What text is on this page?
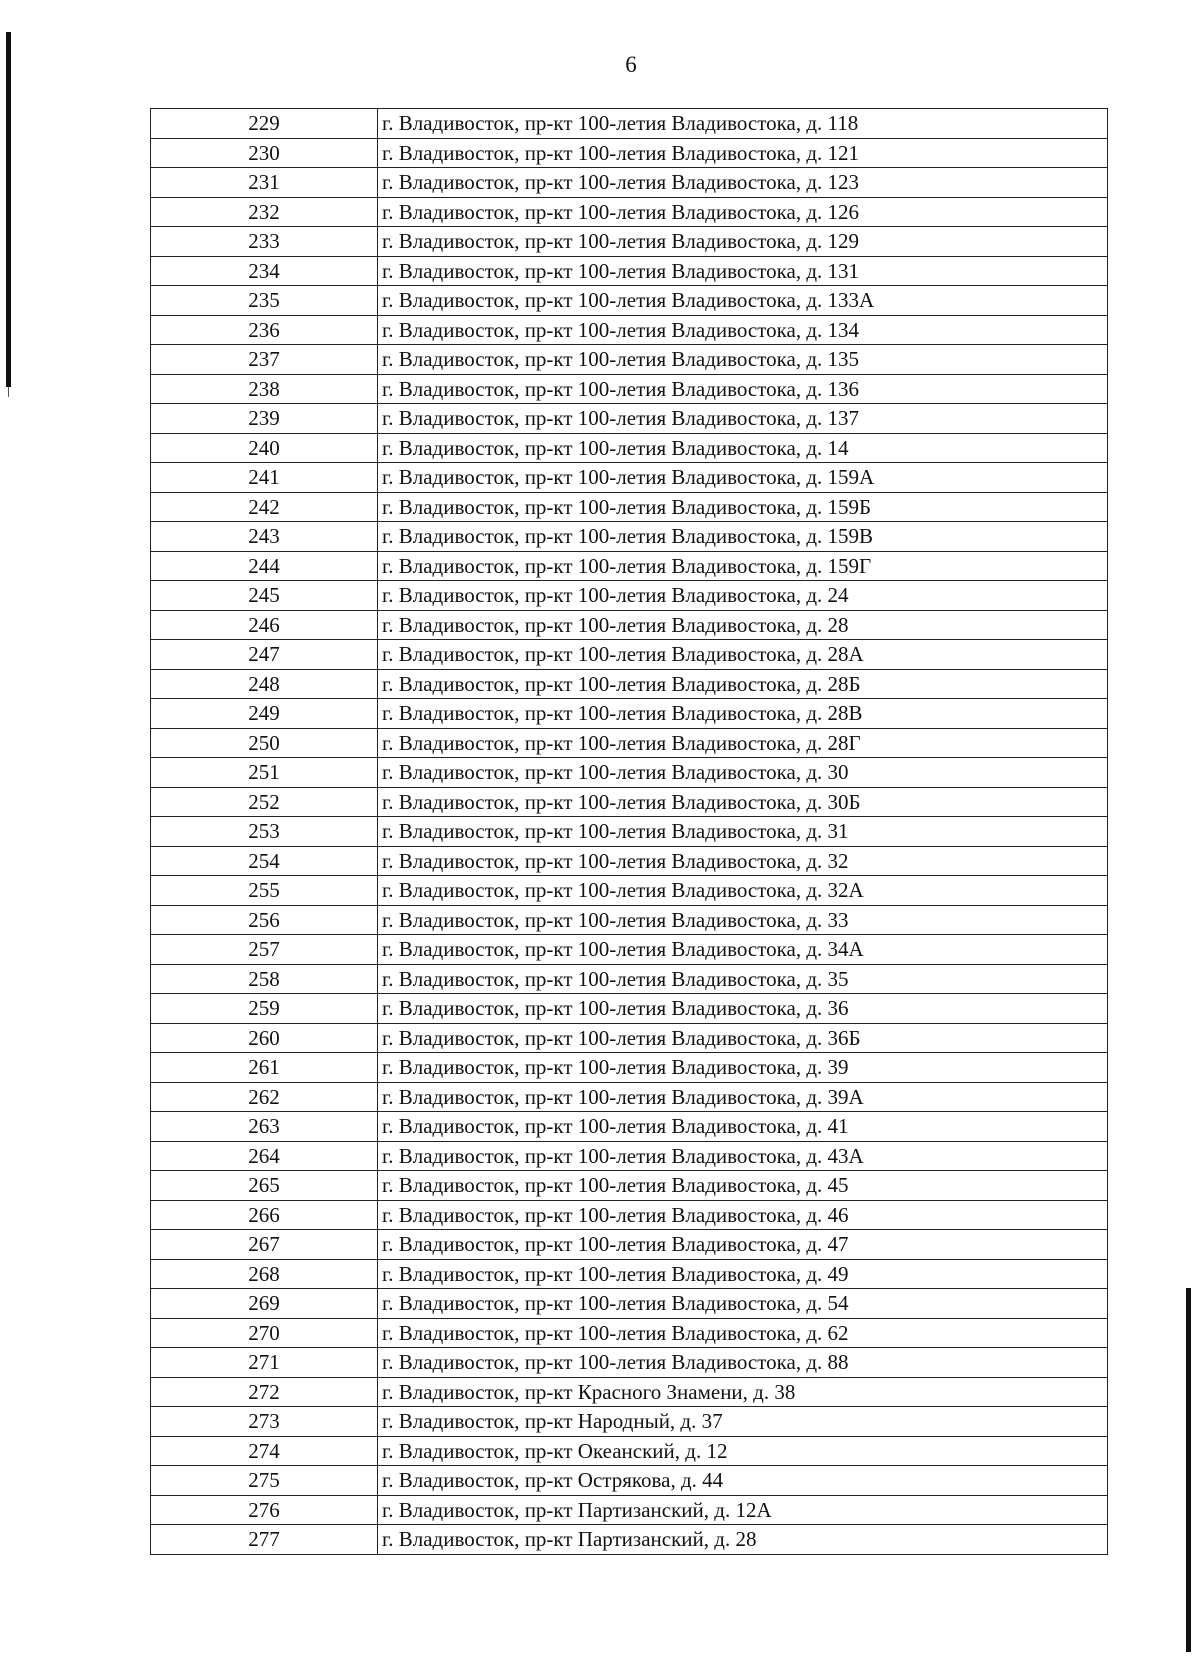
6
229	г. Владивосток, пр-кт 100-летия Владивостока, д. 118
230	г. Владивосток, пр-кт 100-летия Владивостока, д. 121
231	г. Владивосток, пр-кт 100-летия Владивостока, д. 123
232	г. Владивосток, пр-кт 100-летия Владивостока, д. 126
233	г. Владивосток, пр-кт 100-летия Владивостока, д. 129
234	г. Владивосток, пр-кт 100-летия Владивостока, д. 131
235	г. Владивосток, пр-кт 100-летия Владивостока, д. 133А
236	г. Владивосток, пр-кт 100-летия Владивостока, д. 134
237	г. Владивосток, пр-кт 100-летия Владивостока, д. 135
238	г. Владивосток, пр-кт 100-летия Владивостока, д. 136
239	г. Владивосток, пр-кт 100-летия Владивостока, д. 137
240	г. Владивосток, пр-кт 100-летия Владивостока, д. 14
241	г. Владивосток, пр-кт 100-летия Владивостока, д. 159А
242	г. Владивосток, пр-кт 100-летия Владивостока, д. 159Б
243	г. Владивосток, пр-кт 100-летия Владивостока, д. 159В
244	г. Владивосток, пр-кт 100-летия Владивостока, д. 159Г
245	г. Владивосток, пр-кт 100-летия Владивостока, д. 24
246	г. Владивосток, пр-кт 100-летия Владивостока, д. 28
247	г. Владивосток, пр-кт 100-летия Владивостока, д. 28А
248	г. Владивосток, пр-кт 100-летия Владивостока, д. 28Б
249	г. Владивосток, пр-кт 100-летия Владивостока, д. 28В
250	г. Владивосток, пр-кт 100-летия Владивостока, д. 28Г
251	г. Владивосток, пр-кт 100-летия Владивостока, д. 30
252	г. Владивосток, пр-кт 100-летия Владивостока, д. 30Б
253	г. Владивосток, пр-кт 100-летия Владивостока, д. 31
254	г. Владивосток, пр-кт 100-летия Владивостока, д. 32
255	г. Владивосток, пр-кт 100-летия Владивостока, д. 32А
256	г. Владивосток, пр-кт 100-летия Владивостока, д. 33
257	г. Владивосток, пр-кт 100-летия Владивостока, д. 34А
258	г. Владивосток, пр-кт 100-летия Владивостока, д. 35
259	г. Владивосток, пр-кт 100-летия Владивостока, д. 36
260	г. Владивосток, пр-кт 100-летия Владивостока, д. 36Б
261	г. Владивосток, пр-кт 100-летия Владивостока, д. 39
262	г. Владивосток, пр-кт 100-летия Владивостока, д. 39А
263	г. Владивосток, пр-кт 100-летия Владивостока, д. 41
264	г. Владивосток, пр-кт 100-летия Владивостока, д. 43А
265	г. Владивосток, пр-кт 100-летия Владивостока, д. 45
266	г. Владивосток, пр-кт 100-летия Владивостока, д. 46
267	г. Владивосток, пр-кт 100-летия Владивостока, д. 47
268	г. Владивосток, пр-кт 100-летия Владивостока, д. 49
269	г. Владивосток, пр-кт 100-летия Владивостока, д. 54
270	г. Владивосток, пр-кт 100-летия Владивостока, д. 62
271	г. Владивосток, пр-кт 100-летия Владивостока, д. 88
272	г. Владивосток, пр-кт Красного Знамени, д. 38
273	г. Владивосток, пр-кт Народный, д. 37
274	г. Владивосток, пр-кт Океанский, д. 12
275	г. Владивосток, пр-кт Острякова, д. 44
276	г. Владивосток, пр-кт Партизанский, д. 12А
277	г. Владивосток, пр-кт Партизанский, д. 28
